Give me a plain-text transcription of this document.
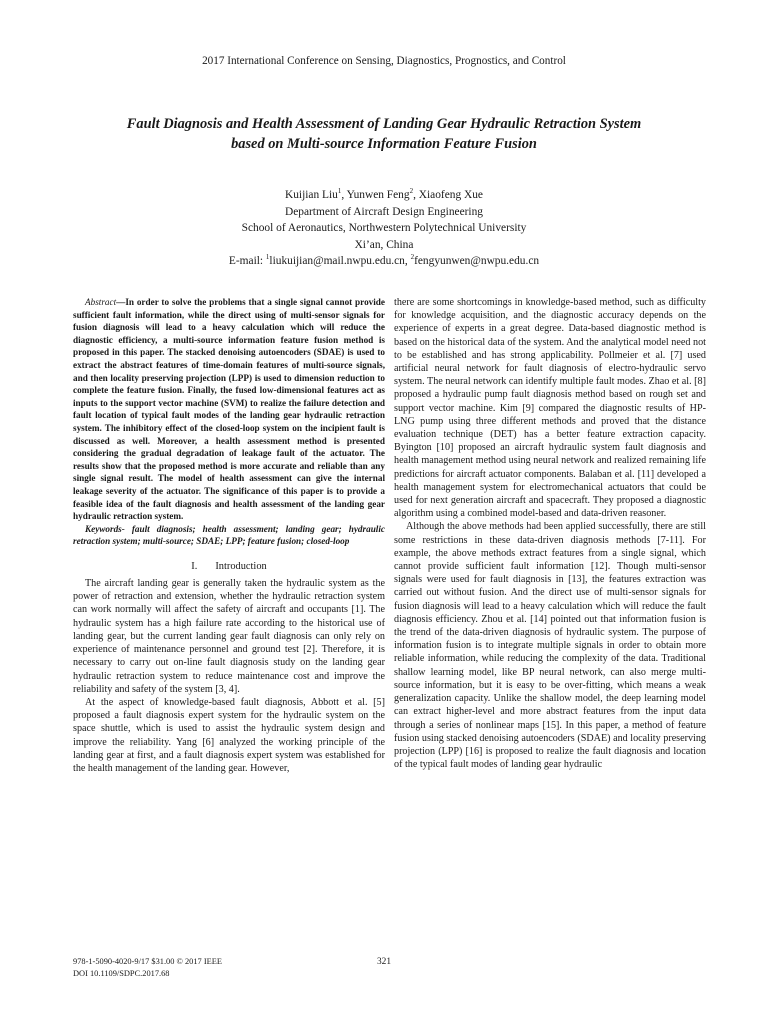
2017 International Conference on Sensing, Diagnostics, Prognostics, and Control
Fault Diagnosis and Health Assessment of Landing Gear Hydraulic Retraction System
based on Multi-source Information Feature Fusion
Kuijian Liu$^1$, Yunwen Feng$^2$, Xiaofeng Xue
Department of Aircraft Design Engineering
School of Aeronautics, Northwestern Polytechnical University
Xi’an, China
E-mail: $^1$liukuijian@mail.nwpu.edu.cn, $^2$fengyunwen@nwpu.edu.cn

Abstract—In order to solve the problems that a single signal cannot provide sufficient fault information, while the direct using of multi-sensor signals for fusion diagnosis will lead to a heavy calculation which will reduce the diagnostic efficiency, a multi-source information feature fusion method is proposed in this paper. The stacked denoising autoencoders (SDAE) is used to extract the abstract features of time-domain features of multi-source signals, and then locality preserving projection (LPP) is used to dimension reduction to complete the feature fusion. Finally, the fused low-dimensional features act as inputs to the support vector machine (SVM) to realize the failure detection and fault location of typical fault modes of the landing gear hydraulic retraction system. The inhibitory effect of the closed-loop system on the incipient fault is discussed as well. Moreover, a health assessment method is presented considering the gradual degradation of leakage fault of the actuator. The results show that the proposed method is more accurate and reliable than any single signal result. The model of health assessment can give the internal leakage severity of the actuator. The significance of this paper is to provide a feasible idea of the fault diagnosis and health assessment of the landing gear hydraulic retraction system.

Keywords- fault diagnosis; health assessment; landing gear; hydraulic retraction system; multi-source; SDAE; LPP; feature fusion; closed-loop

I. Introduction

The aircraft landing gear is generally taken the hydraulic system as the power of retraction and extension, whether the hydraulic retraction system can work normally will affect the safety of aircraft and occupants [1]. The hydraulic system has a high failure rate according to the historical use of landing gear, but the current landing gear fault diagnosis can only rely on experience of maintenance personnel and ground test [2]. Therefore, it is necessary to carry out on-line fault diagnosis study on the landing gear hydraulic retraction system to reduce maintenance cost and improve the reliability and safety of the system [3, 4].

At the aspect of knowledge-based fault diagnosis, Abbott et al. [5] proposed a fault diagnosis expert system for the hydraulic system on the space shuttle, which is used to assist the hydraulic system design and improve the reliability. Yang [6] analyzed the working principle of the landing gear at first, and a fault diagnosis expert system was established for the health management of the landing gear. However,

there are some shortcomings in knowledge-based method, such as difficulty for knowledge acquisition, and the diagnostic accuracy depends on the experience of experts in a great degree. Data-based diagnostic method is based on the historical data of the system. And the analytical model need not to be established and has strong applicability. Pollmeier et al. [7] used artificial neural network for fault diagnosis of electro-hydraulic servo system. The neural network can identify multiple fault modes. Zhao et al. [8] proposed a hydraulic pump fault diagnosis method based on rough set and support vector machine. Kim [9] compared the diagnostic results of HP-LNG pump using three different methods and proved that the distance evaluation technique (DET) has a better feature extraction capacity. Byington [10] proposed an aircraft hydraulic system fault diagnosis and health management method using neural network and realized remaining life predictions for aircraft actuator components. Balaban et al. [11] developed a health management system for electromechanical actuators that could be used for next generation aircraft and spacecraft. They proposed a diagnostic algorithm using a combined model-based and data-driven reasoner.

Although the above methods had been applied successfully, there are still some restrictions in these data-driven diagnosis methods [7-11]. For example, the above methods extract features from a single signal, which cannot provide sufficient fault information [12]. Though multi-sensor signals were used for fault diagnosis in [13], the features extraction was carried out without fusion. And the direct use of multi-sensor signals for fusion diagnosis will lead to a heavy calculation which will reduce the fault diagnosis efficiency. Zhou et al. [14] pointed out that information fusion is the trend of the data-driven diagnosis of hydraulic system. The purpose of information fusion is to integrate multiple signals in order to obtain more reliable information, while reducing the complexity of the data. Traditional shallow learning model, like BP neural network, can also merge multi-source information, but it is easy to be over-fitting, which means a weak generalization capacity. Unlike the shallow model, the deep learning model can extract higher-level and more abstract features from the input data through a series of nonlinear maps [15]. In this paper, a method of feature fusion using stacked denoising autoencoders (SDAE) and locality preserving projection (LPP) [16] is proposed to realize the fault diagnosis and location of the typical fault modes of landing gear hydraulic

978-1-5090-4020-9/17 $31.00 © 2017 IEEE
DOI 10.1109/SDPC.2017.68
321
